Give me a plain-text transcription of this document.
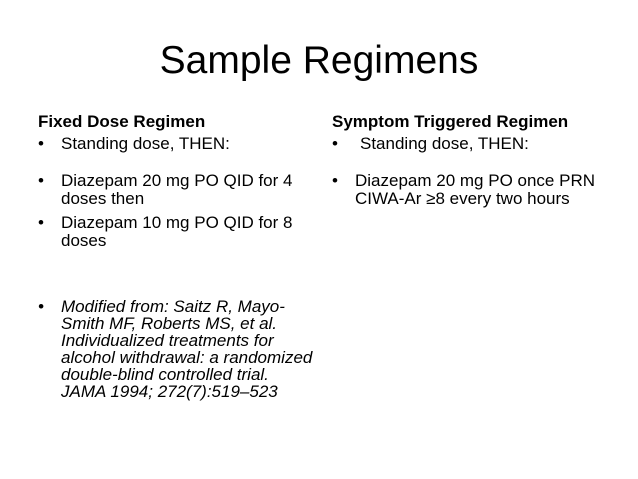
Sample Regimens
Fixed Dose Regimen
• Standing dose, THEN:
• Diazepam 20 mg PO QID for 4 doses then
• Diazepam 10 mg PO QID for 8 doses
• Modified from: Saitz R, Mayo-Smith MF, Roberts MS, et al. Individualized treatments for alcohol withdrawal: a randomized double-blind controlled trial. JAMA 1994; 272(7):519–523
Symptom Triggered Regimen
• Standing dose, THEN:
• Diazepam 20 mg PO once PRN CIWA-Ar ≥8 every two hours
